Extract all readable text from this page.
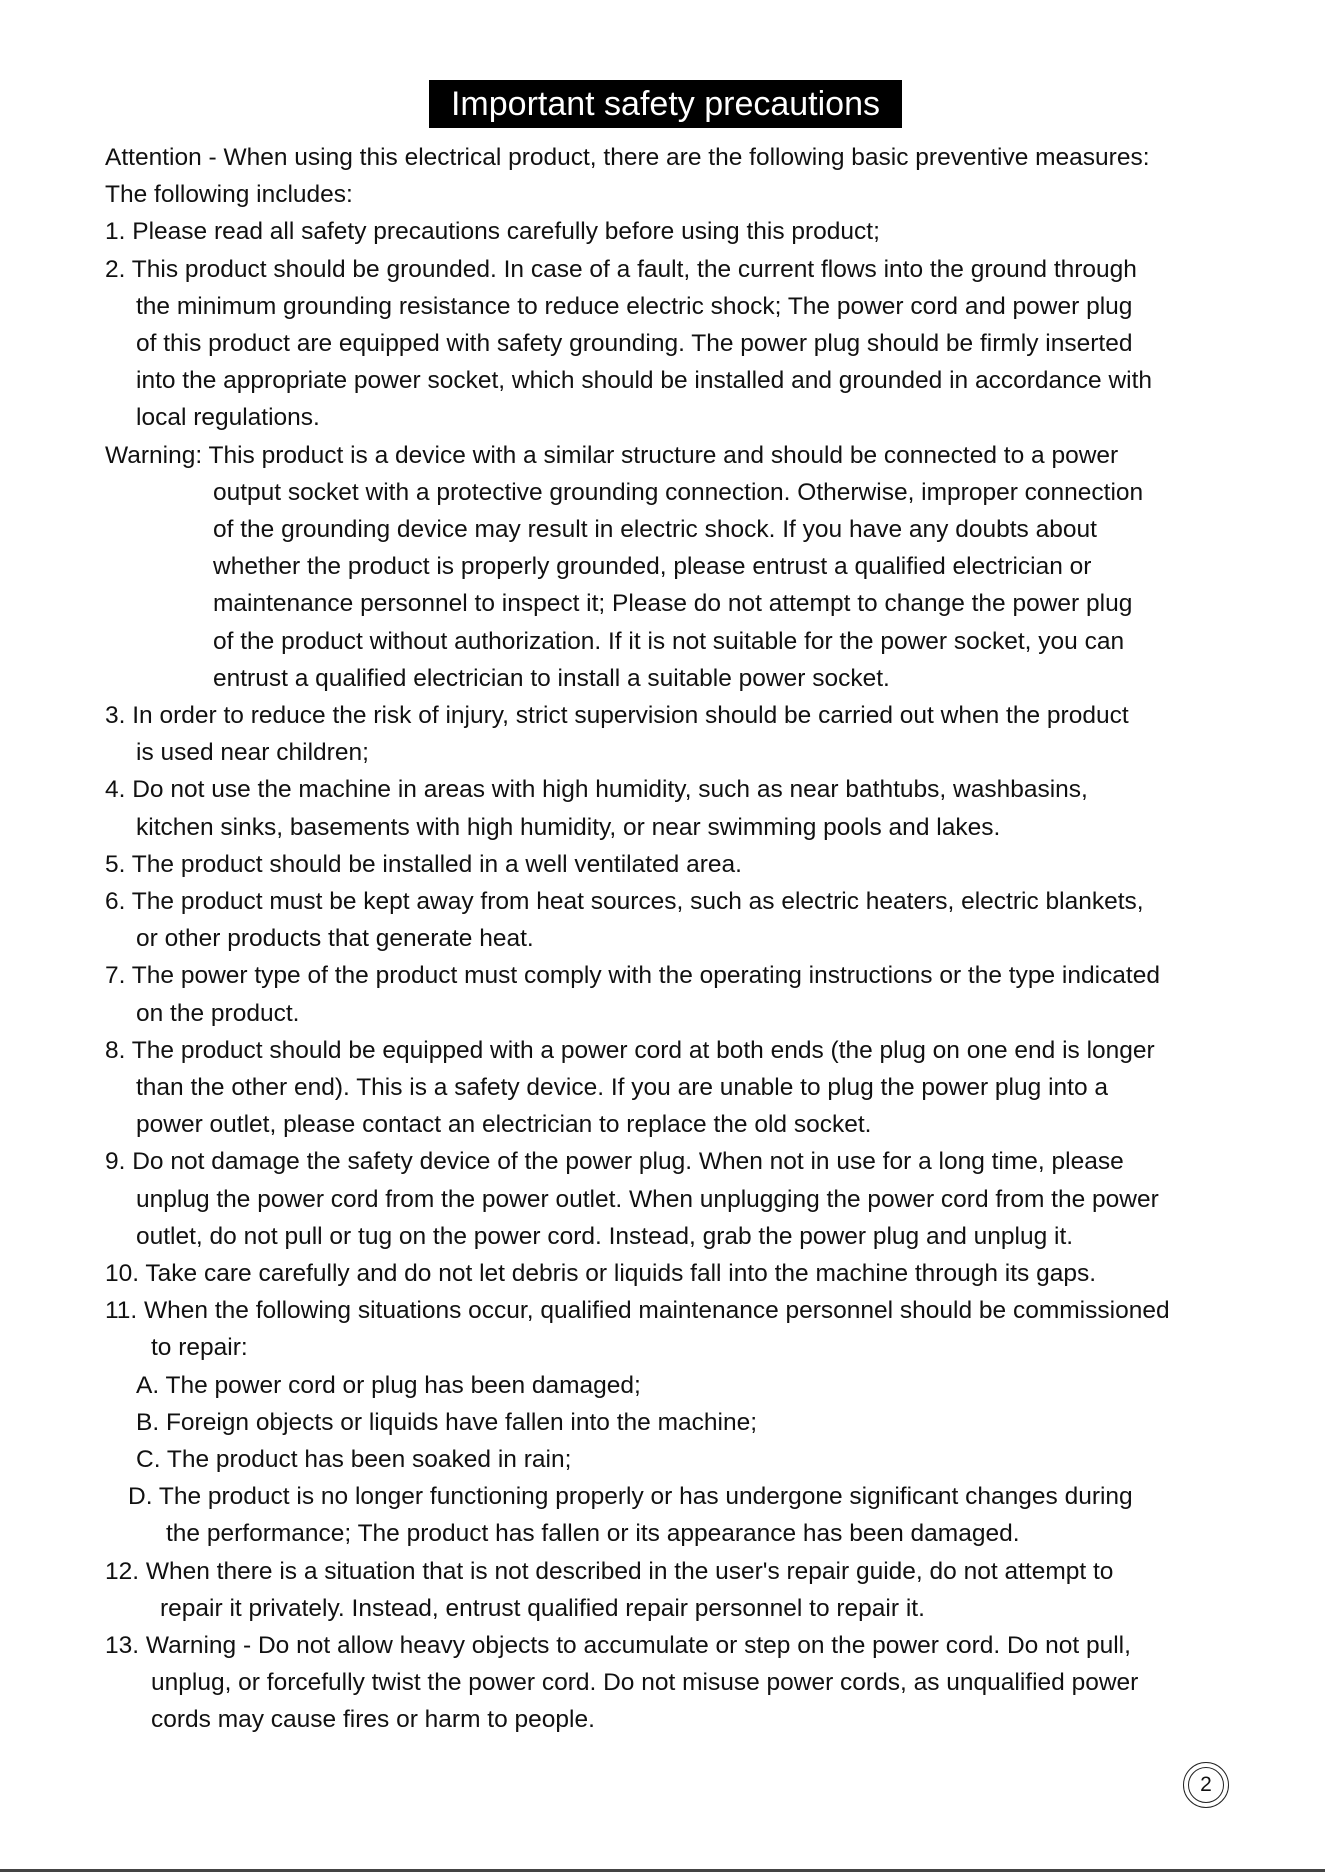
Important safety precautions
Attention - When using this electrical product, there are the following basic preventive measures:
The following includes:
1. Please read all safety precautions carefully before using this product;
2. This product should be grounded. In case of a fault, the current flows into the ground through
the minimum grounding resistance to reduce electric shock; The power cord and power plug
of this product are equipped with safety grounding. The power plug should be firmly inserted
into the appropriate power socket, which should be installed and grounded in accordance with
local regulations.
Warning: This product is a device with a similar structure and should be connected to a power
output socket with a protective grounding connection. Otherwise, improper connection
of the grounding device may result in electric shock. If you have any doubts about
whether the product is properly grounded, please entrust a qualified electrician or
maintenance personnel to inspect it; Please do not attempt to change the power plug
of the product without authorization. If it is not suitable for the power socket, you can
entrust a qualified electrician to install a suitable power socket.
3. In order to reduce the risk of injury, strict supervision should be carried out when the product
is used near children;
4. Do not use the machine in areas with high humidity, such as near bathtubs, washbasins,
kitchen sinks, basements with high humidity, or near swimming pools and lakes.
5. The product should be installed in a well ventilated area.
6. The product must be kept away from heat sources, such as electric heaters, electric blankets,
or other products that generate heat.
7. The power type of the product must comply with the operating instructions or the type indicated
on the product.
8. The product should be equipped with a power cord at both ends (the plug on one end is longer
than the other end). This is a safety device. If you are unable to plug the power plug into a
power outlet, please contact an electrician to replace the old socket.
9. Do not damage the safety device of the power plug. When not in use for a long time, please
unplug the power cord from the power outlet. When unplugging the power cord from the power
outlet, do not pull or tug on the power cord. Instead, grab the power plug and unplug it.
10. Take care carefully and do not let debris or liquids fall into the machine through its gaps.
11. When the following situations occur, qualified maintenance personnel should be commissioned
to repair:
A. The power cord or plug has been damaged;
B. Foreign objects or liquids have fallen into the machine;
C. The product has been soaked in rain;
D. The product is no longer functioning properly or has undergone significant changes during
the performance; The product has fallen or its appearance has been damaged.
12. When there is a situation that is not described in the user's repair guide, do not attempt to
repair it privately. Instead, entrust qualified repair personnel to repair it.
13. Warning - Do not allow heavy objects to accumulate or step on the power cord. Do not pull,
unplug, or forcefully twist the power cord. Do not misuse power cords, as unqualified power
cords may cause fires or harm to people.
2
